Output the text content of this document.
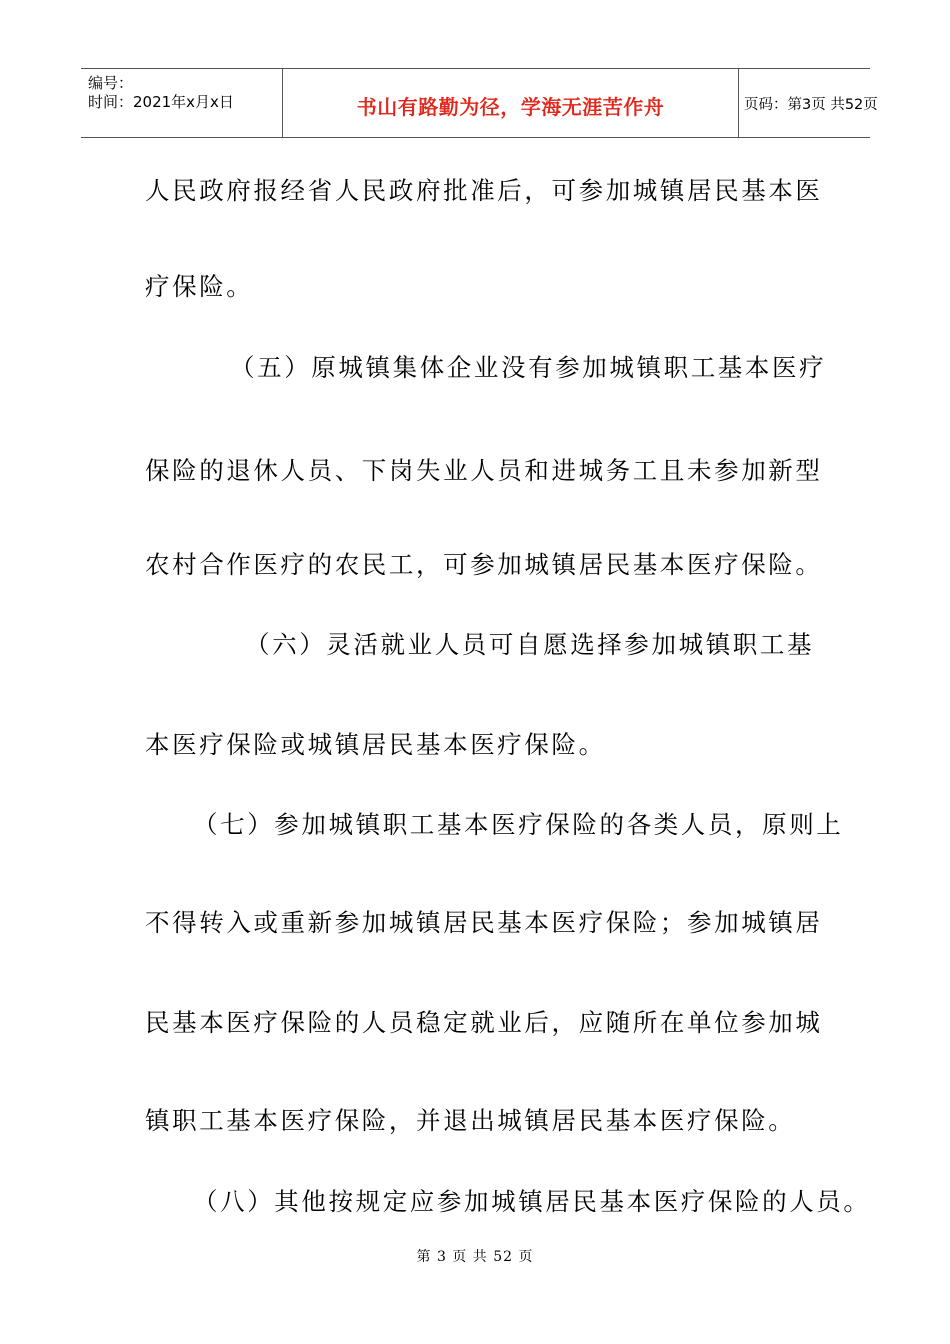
编号：
时间：2021年x月x日	书山有路勤为径，学海无涯苦作舟	页码：第3页 共52页
人民政府报经省人民政府批准后，可参加城镇居民基本医
疗保险。
（五）原城镇集体企业没有参加城镇职工基本医疗
保险的退休人员、下岗失业人员和进城务工且未参加新型
农村合作医疗的农民工，可参加城镇居民基本医疗保险。
（六）灵活就业人员可自愿选择参加城镇职工基
本医疗保险或城镇居民基本医疗保险。
（七）参加城镇职工基本医疗保险的各类人员，原则上
不得转入或重新参加城镇居民基本医疗保险；参加城镇居
民基本医疗保险的人员稳定就业后，应随所在单位参加城
镇职工基本医疗保险，并退出城镇居民基本医疗保险。
（八）其他按规定应参加城镇居民基本医疗保险的人员。
第 3 页 共 52 页
